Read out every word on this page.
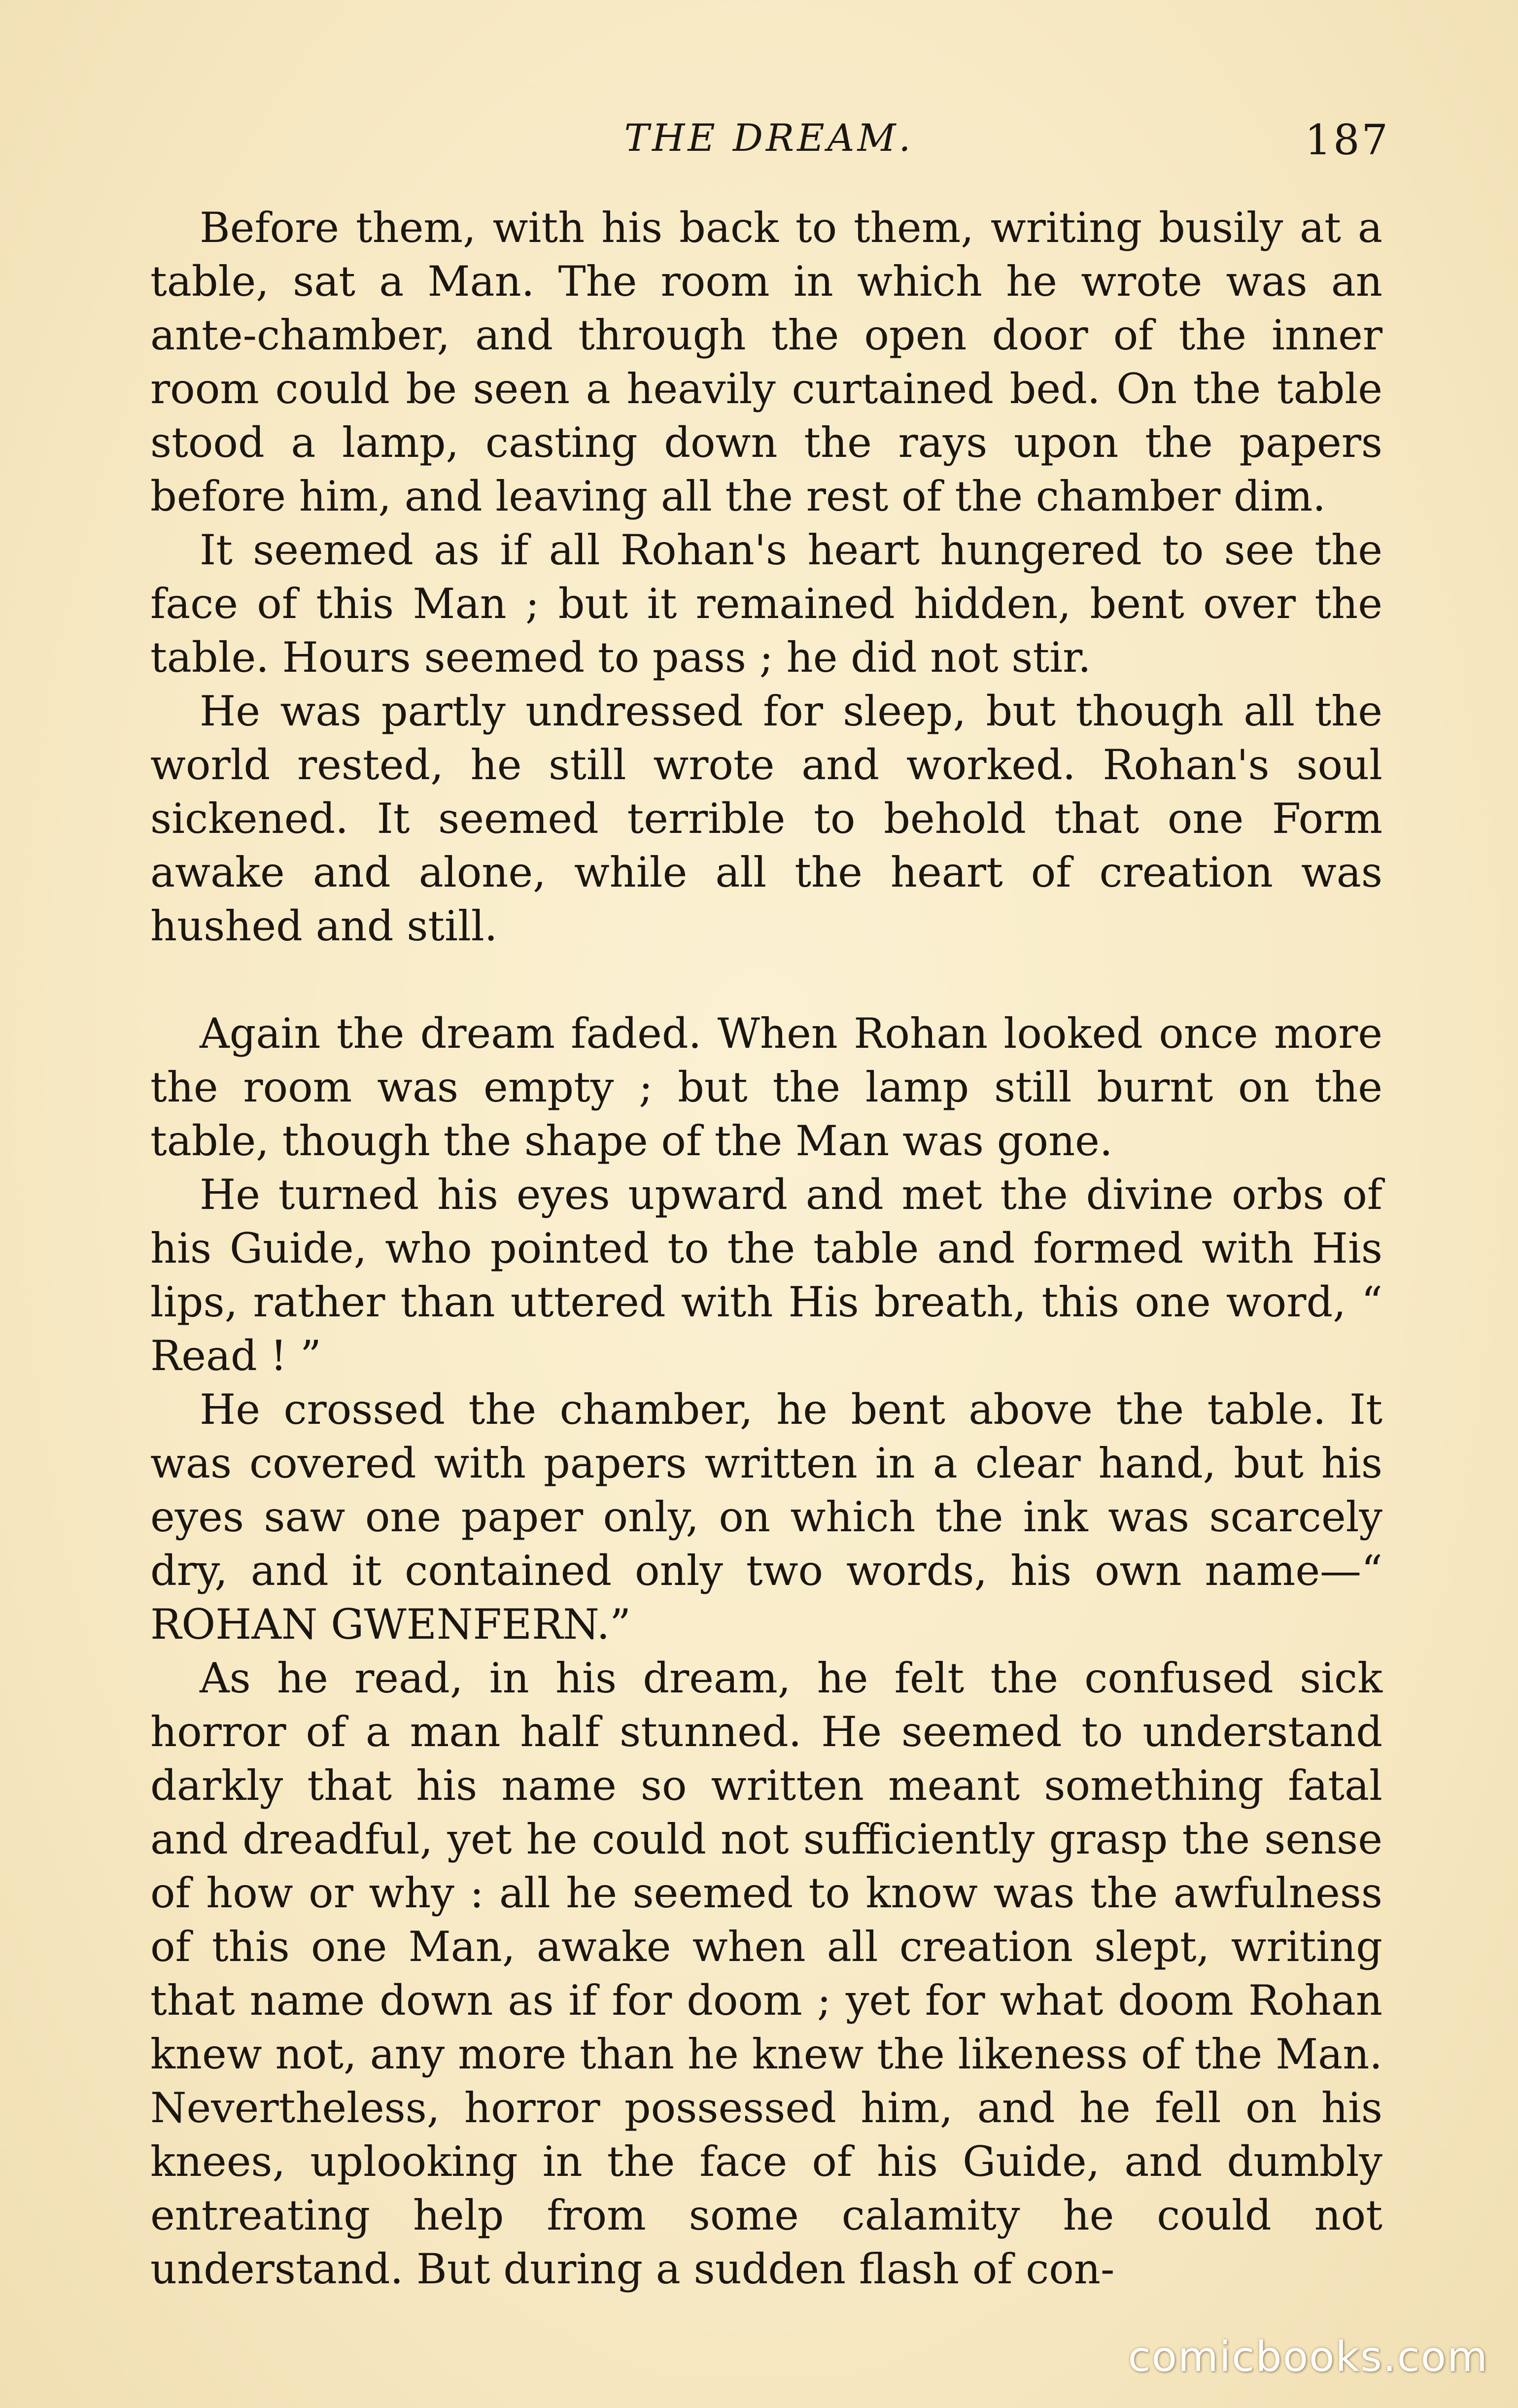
THE DREAM.	187

Before them, with his back to them, writing busily at a table, sat a Man. The room in which he wrote was an ante-chamber, and through the open door of the inner room could be seen a heavily curtained bed. On the table stood a lamp, casting down the rays upon the papers before him, and leaving all the rest of the chamber dim.

It seemed as if all Rohan's heart hungered to see the face of this Man ; but it remained hidden, bent over the table. Hours seemed to pass ; he did not stir.

He was partly undressed for sleep, but though all the world rested, he still wrote and worked. Rohan's soul sickened. It seemed terrible to behold that one Form awake and alone, while all the heart of creation was hushed and still.

Again the dream faded. When Rohan looked once more the room was empty ; but the lamp still burnt on the table, though the shape of the Man was gone.

He turned his eyes upward and met the divine orbs of his Guide, who pointed to the table and formed with His lips, rather than uttered with His breath, this one word, “ Read ! ”

He crossed the chamber, he bent above the table. It was covered with papers written in a clear hand, but his eyes saw one paper only, on which the ink was scarcely dry, and it contained only two words, his own name—“ ROHAN GWENFERN.”

As he read, in his dream, he felt the confused sick horror of a man half stunned. He seemed to understand darkly that his name so written meant something fatal and dreadful, yet he could not sufficiently grasp the sense of how or why : all he seemed to know was the awfulness of this one Man, awake when all creation slept, writing that name down as if for doom ; yet for what doom Rohan knew not, any more than he knew the likeness of the Man. Nevertheless, horror possessed him, and he fell on his knees, uplooking in the face of his Guide, and dumbly entreating help from some calamity he could not understand. But during a sudden flash of con-

comicbooks.com
